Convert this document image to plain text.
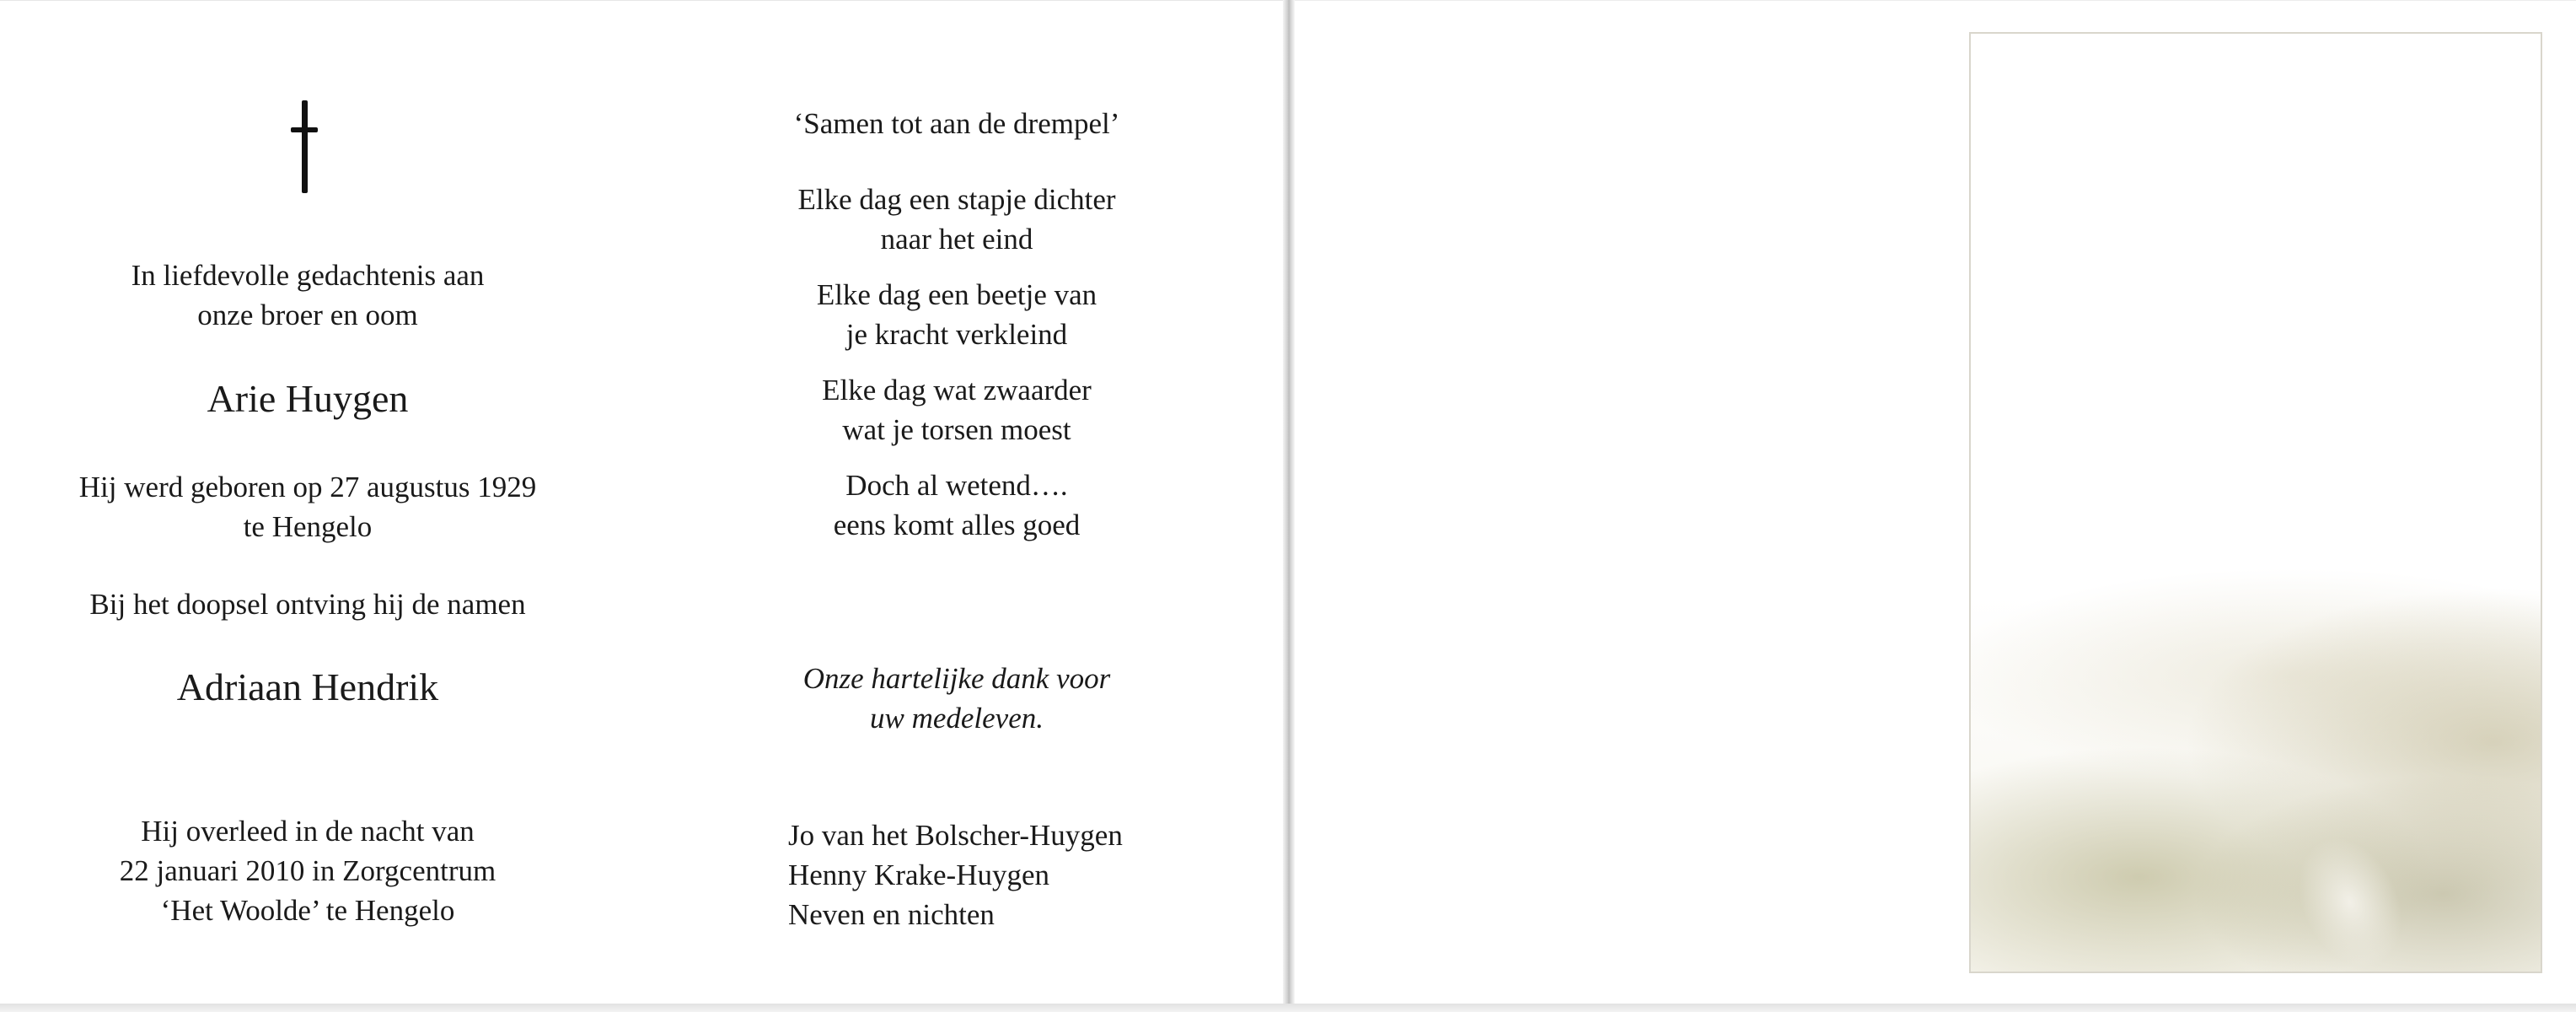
In liefdevolle gedachtenis aan

onze broer en oom

Arie Huygen

Hij werd geboren op 27 augustus 1929

te Hengelo

Bij het doopsel ontving hij de namen
Adriaan Hendrik

Hij overleed in de nacht van

22 januari 2010 in Zorgcentrum

‘Het Woolde’ te Hengelo

‘Samen tot aan de drempel’

Elke dag een stapje dichter

naar het eind

Elke dag een beetje van

je kracht verkleind

Elke dag wat zwaarder

wat je torsen moest

Doch al wetend….

eens komt alles goed

Onze hartelijke dank voor

uw medeleven.

Jo van het Bolscher-Huygen

Henny Krake-Huygen

Neven en nichten
